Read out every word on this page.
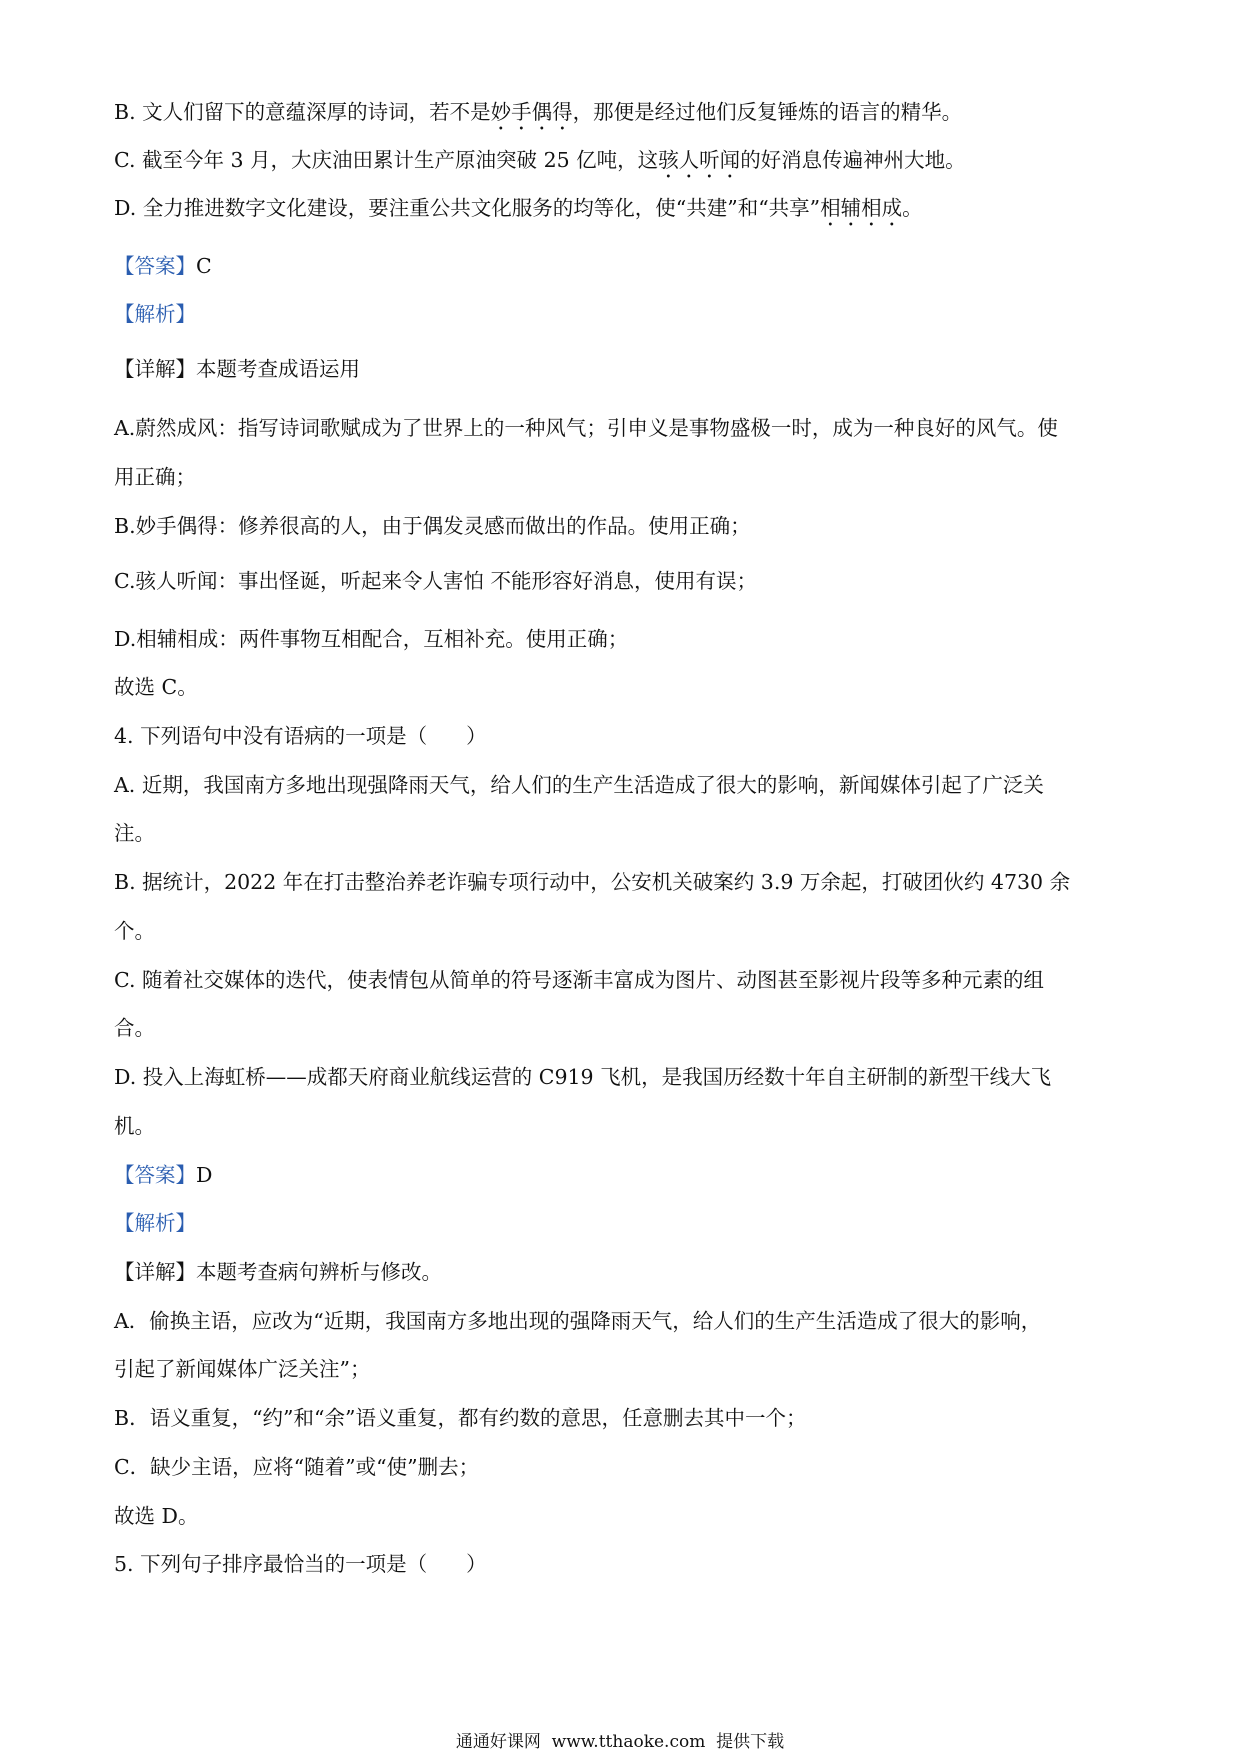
B. 文人们留下的意蕴深厚的诗词，若不是妙手偶得，那便是经过他们反复锤炼的语言的精华。
C. 截至今年 3 月，大庆油田累计生产原油突破 25 亿吨，这骇人听闻的好消息传遍神州大地。
D. 全力推进数字文化建设，要注重公共文化服务的均等化，使“共建”和“共享”相辅相成。
【答案】C
【解析】
【详解】本题考查成语运用
A.蔚然成风：指写诗词歌赋成为了世界上的一种风气；引申义是事物盛极一时，成为一种良好的风气。使
用正确；
B.妙手偶得：修养很高的人，由于偶发灵感而做出的作品。使用正确；
C.骇人听闻：事出怪诞，听起来令人害怕 不能形容好消息，使用有误；
D.相辅相成：两件事物互相配合，互相补充。使用正确；
故选 C。
4. 下列语句中没有语病的一项是（      ）
A. 近期，我国南方多地出现强降雨天气，给人们的生产生活造成了很大的影响，新闻媒体引起了广泛关
注。
B. 据统计，2022 年在打击整治养老诈骗专项行动中，公安机关破案约 3.9 万余起，打破团伙约 4730 余
个。
C. 随着社交媒体的迭代，使表情包从简单的符号逐渐丰富成为图片、动图甚至影视片段等多种元素的组
合。
D. 投入上海虹桥——成都天府商业航线运营的 C919 飞机，是我国历经数十年自主研制的新型干线大飞
机。
【答案】D
【解析】
【详解】本题考查病句辨析与修改。
A．偷换主语，应改为“近期，我国南方多地出现的强降雨天气，给人们的生产生活造成了很大的影响，
引起了新闻媒体广泛关注”；
B．语义重复，“约”和“余”语义重复，都有约数的意思，任意删去其中一个；
C．缺少主语，应将“随着”或“使”删去；
故选 D。
5. 下列句子排序最恰当的一项是（      ）
通通好课网  www.tthaoke.com  提供下载
